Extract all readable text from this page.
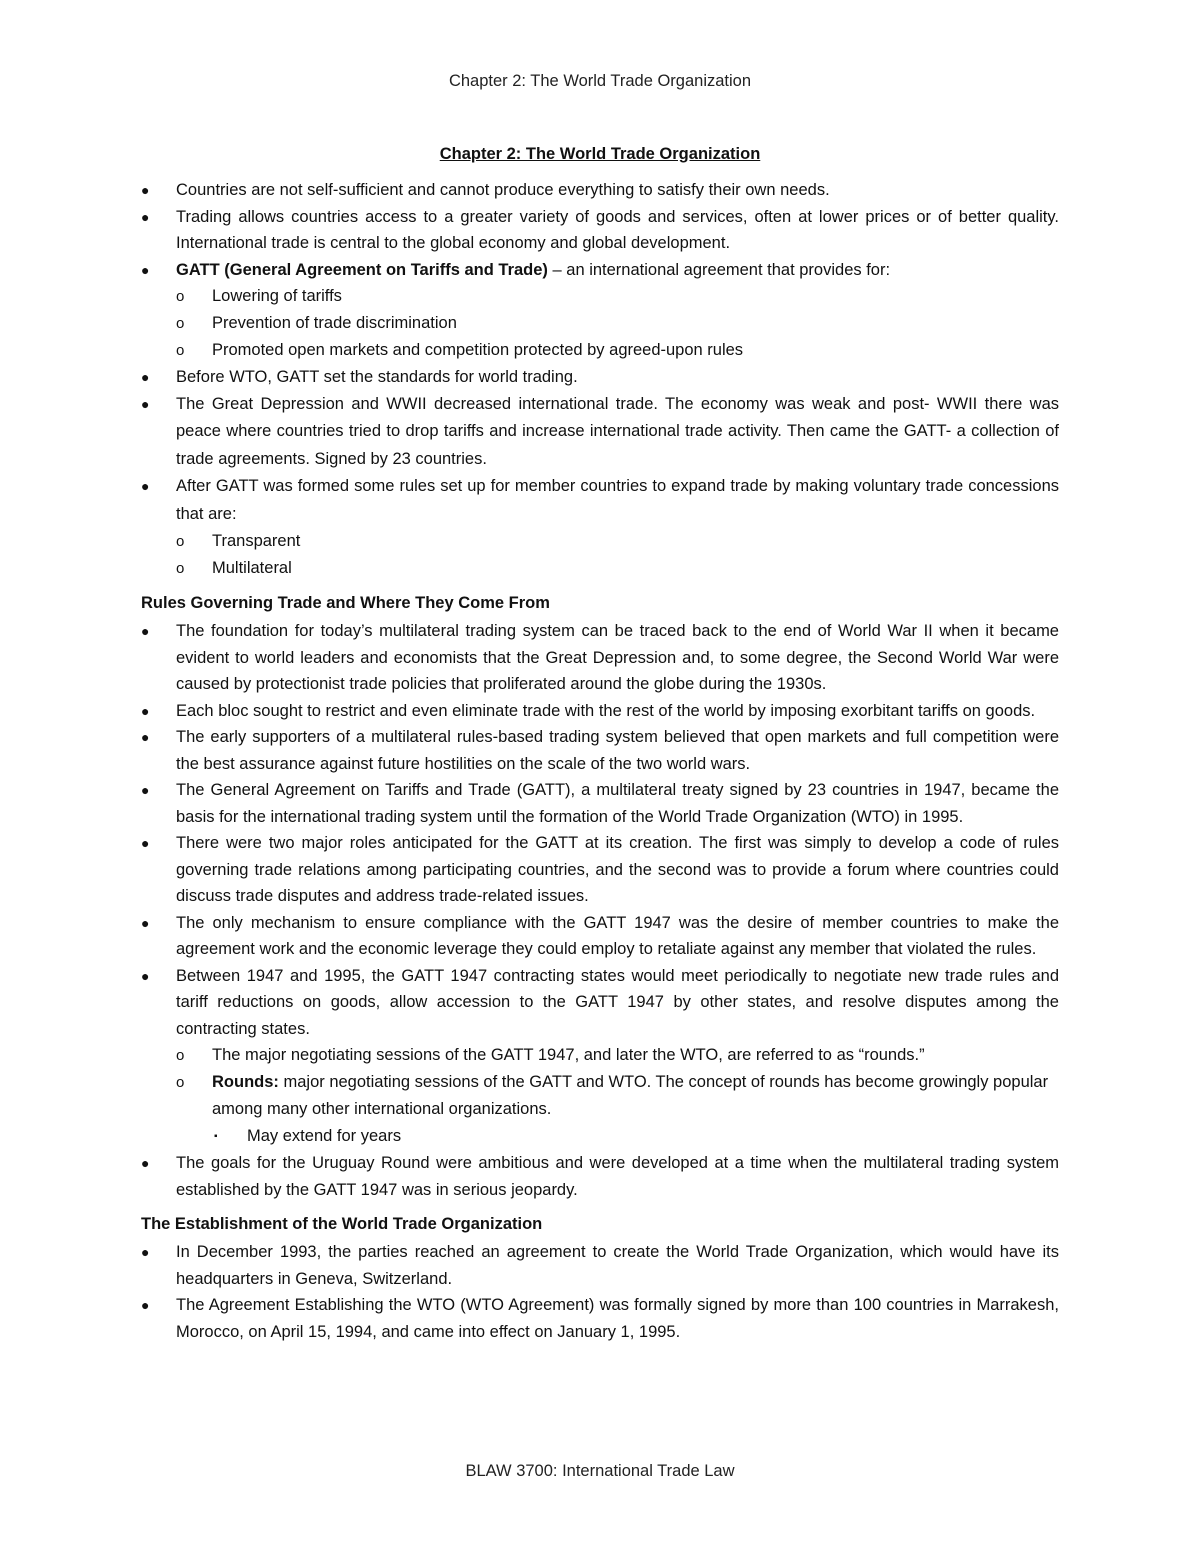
Chapter 2: The World Trade Organization
Chapter 2: The World Trade Organization
● Countries are not self-sufficient and cannot produce everything to satisfy their own needs.
● Trading allows countries access to a greater variety of goods and services, often at lower prices or of better quality. International trade is central to the global economy and global development.
● GATT (General Agreement on Tariffs and Trade) – an international agreement that provides for:
o Lowering of tariffs
o Prevention of trade discrimination
o Promoted open markets and competition protected by agreed-upon rules
● Before WTO, GATT set the standards for world trading.
● The Great Depression and WWII decreased international trade. The economy was weak and post- WWII there was peace where countries tried to drop tariffs and increase international trade activity. Then came the GATT- a collection of trade agreements. Signed by 23 countries.
● After GATT was formed some rules set up for member countries to expand trade by making voluntary trade concessions that are:
o Transparent
o Multilateral
Rules Governing Trade and Where They Come From
● The foundation for today’s multilateral trading system can be traced back to the end of World War II when it became evident to world leaders and economists that the Great Depression and, to some degree, the Second World War were caused by protectionist trade policies that proliferated around the globe during the 1930s.
● Each bloc sought to restrict and even eliminate trade with the rest of the world by imposing exorbitant tariffs on goods.
● The early supporters of a multilateral rules-based trading system believed that open markets and full competition were the best assurance against future hostilities on the scale of the two world wars.
● The General Agreement on Tariffs and Trade (GATT), a multilateral treaty signed by 23 countries in 1947, became the basis for the international trading system until the formation of the World Trade Organization (WTO) in 1995.
● There were two major roles anticipated for the GATT at its creation. The first was simply to develop a code of rules governing trade relations among participating countries, and the second was to provide a forum where countries could discuss trade disputes and address trade-related issues.
● The only mechanism to ensure compliance with the GATT 1947 was the desire of member countries to make the agreement work and the economic leverage they could employ to retaliate against any member that violated the rules.
● Between 1947 and 1995, the GATT 1947 contracting states would meet periodically to negotiate new trade rules and tariff reductions on goods, allow accession to the GATT 1947 by other states, and resolve disputes among the contracting states.
o The major negotiating sessions of the GATT 1947, and later the WTO, are referred to as “rounds.”
o Rounds: major negotiating sessions of the GATT and WTO. The concept of rounds has become growingly popular among many other international organizations.
▪ May extend for years
● The goals for the Uruguay Round were ambitious and were developed at a time when the multilateral trading system established by the GATT 1947 was in serious jeopardy.
The Establishment of the World Trade Organization
● In December 1993, the parties reached an agreement to create the World Trade Organization, which would have its headquarters in Geneva, Switzerland.
● The Agreement Establishing the WTO (WTO Agreement) was formally signed by more than 100 countries in Marrakesh, Morocco, on April 15, 1994, and came into effect on January 1, 1995.
BLAW 3700: International Trade Law
